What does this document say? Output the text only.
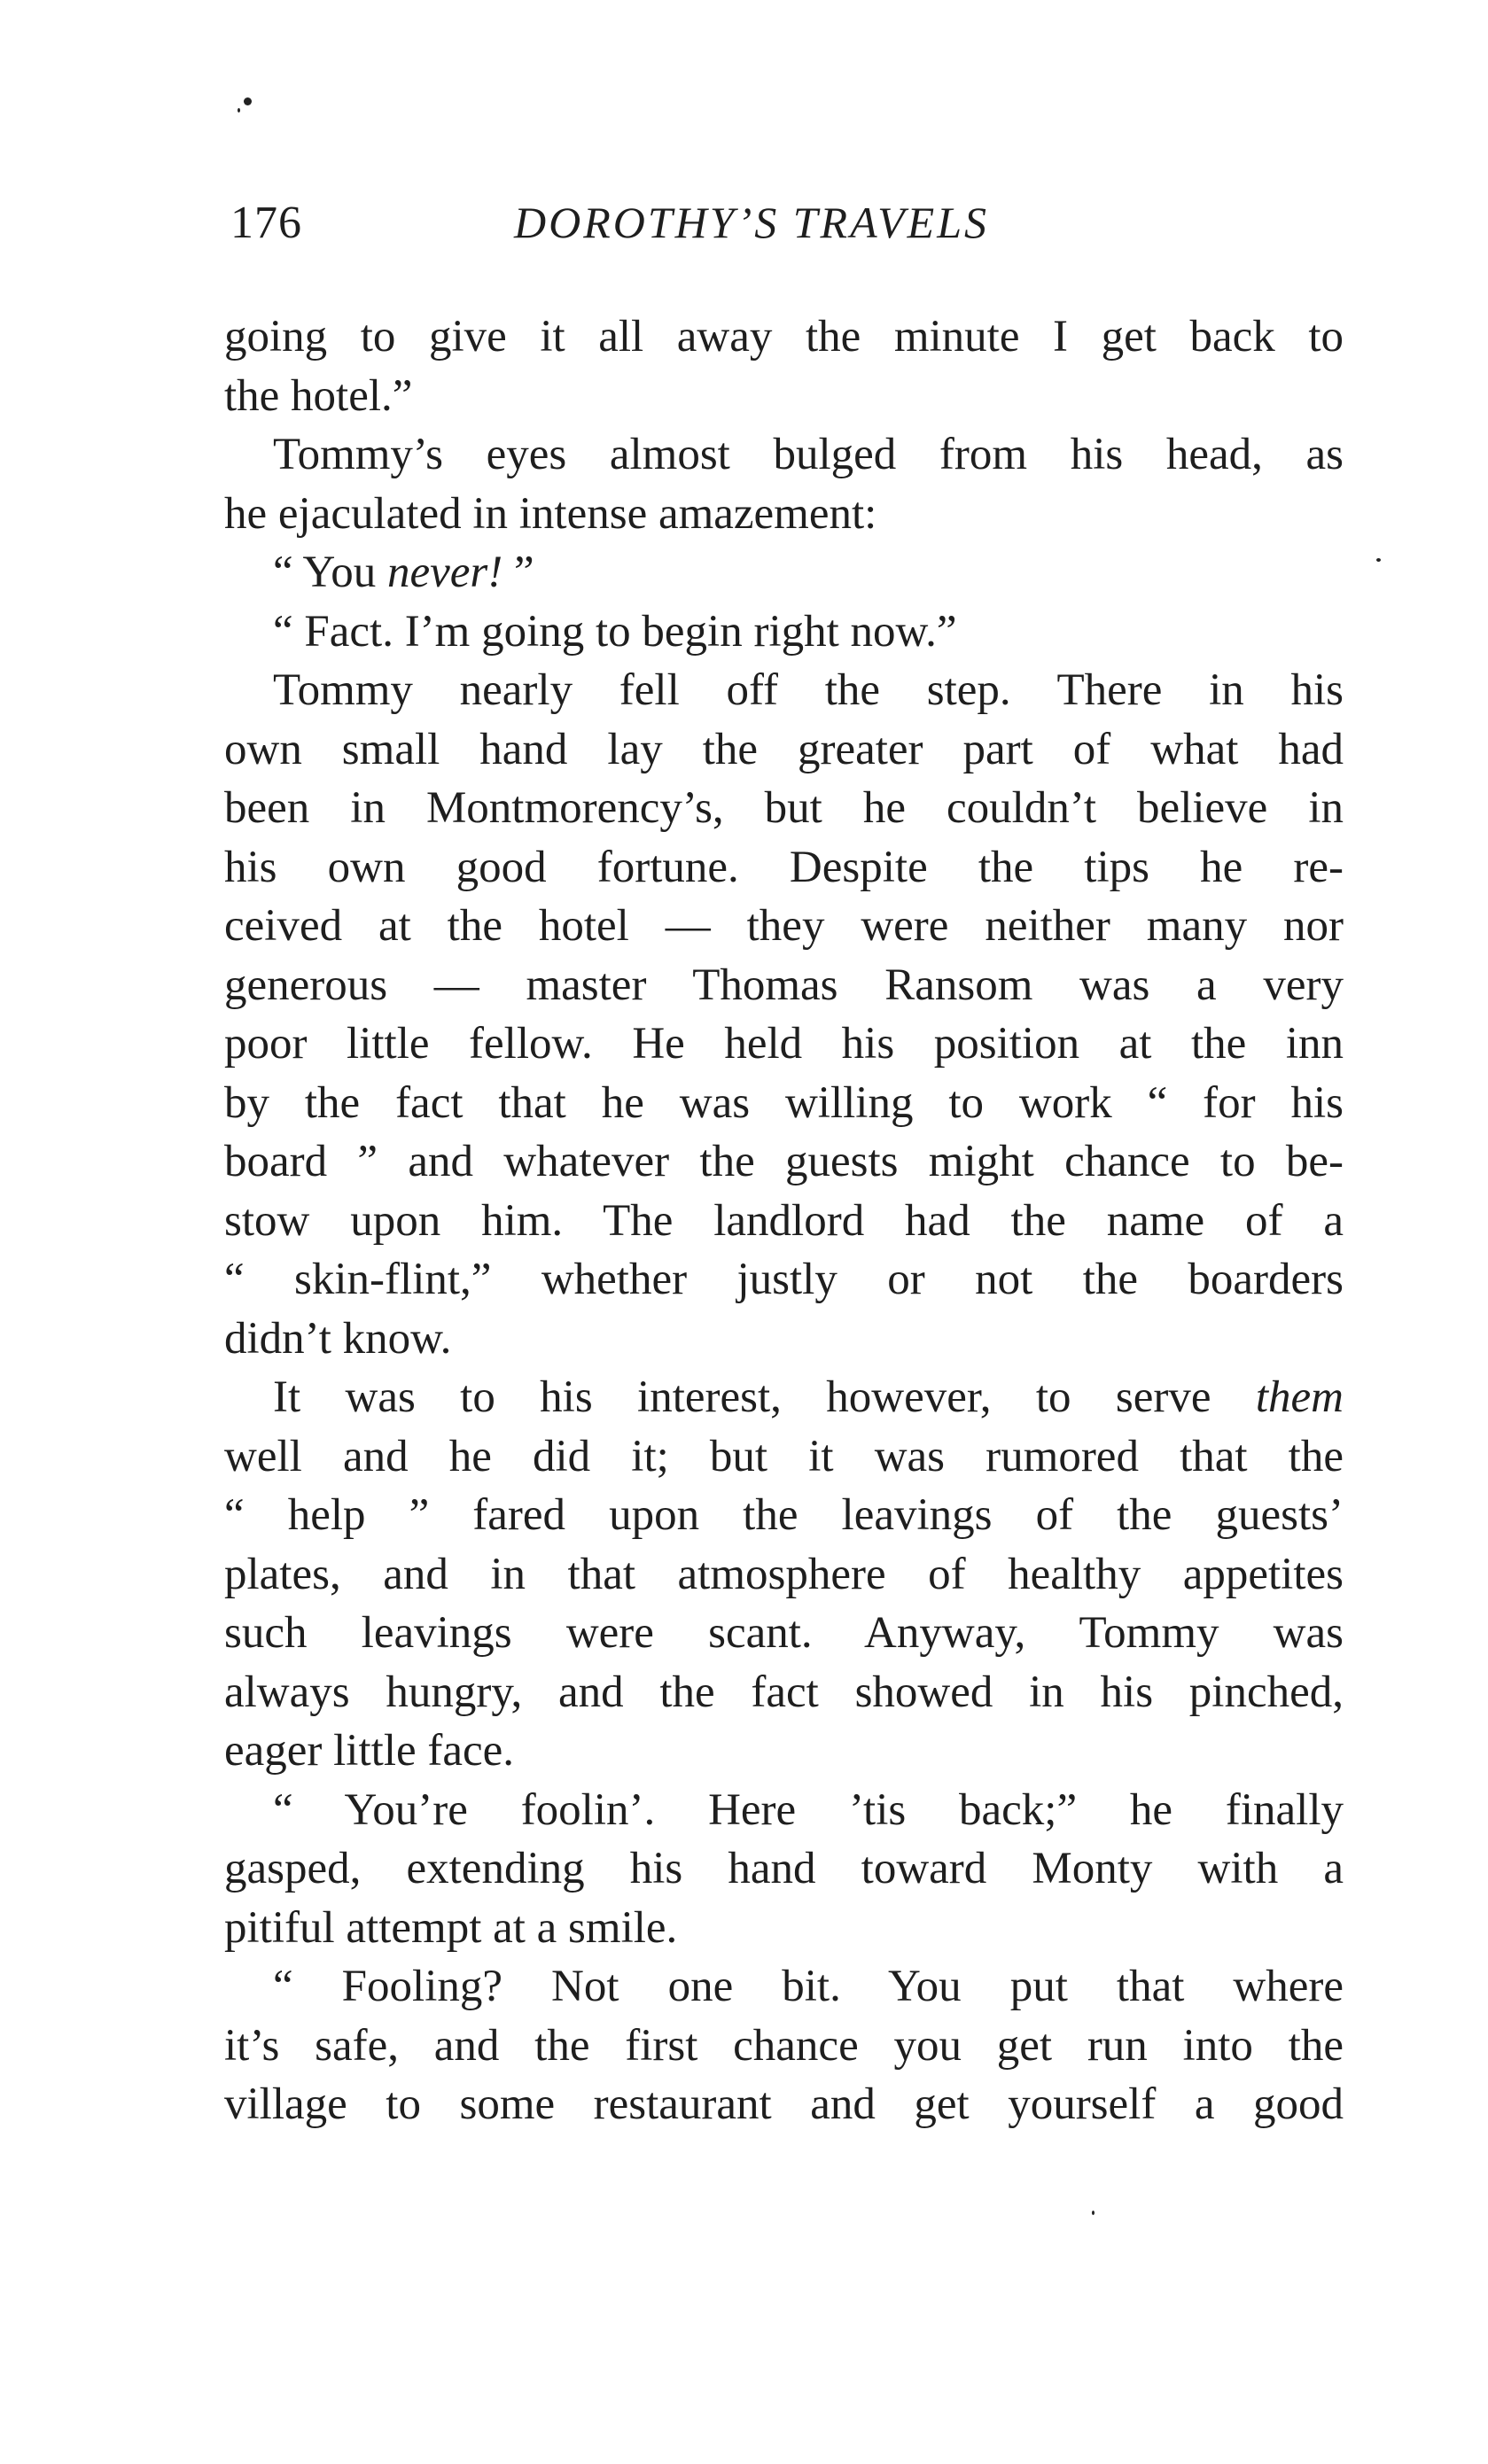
176	DOROTHY’S TRAVELS
going to give it all away the minute I get back to
the hotel.”
Tommy’s eyes almost bulged from his head, as
he ejaculated in intense amazement:
“ You never! ”
“ Fact. I’m going to begin right now.”
Tommy nearly fell off the step. There in his
own small hand lay the greater part of what had
been in Montmorency’s, but he couldn’t believe in
his own good fortune. Despite the tips he re-
ceived at the hotel — they were neither many nor
generous — master Thomas Ransom was a very
poor little fellow. He held his position at the inn
by the fact that he was willing to work “ for his
board ” and whatever the guests might chance to be-
stow upon him. The landlord had the name of a
“ skin-flint,” whether justly or not the boarders
didn’t know.
It was to his interest, however, to serve them
well and he did it; but it was rumored that the
“ help ” fared upon the leavings of the guests’
plates, and in that atmosphere of healthy appetites
such leavings were scant. Anyway, Tommy was
always hungry, and the fact showed in his pinched,
eager little face.
“ You’re foolin’. Here ’tis back;” he finally
gasped, extending his hand toward Monty with a
pitiful attempt at a smile.
“ Fooling? Not one bit. You put that where
it’s safe, and the first chance you get run into the
village to some restaurant and get yourself a good
